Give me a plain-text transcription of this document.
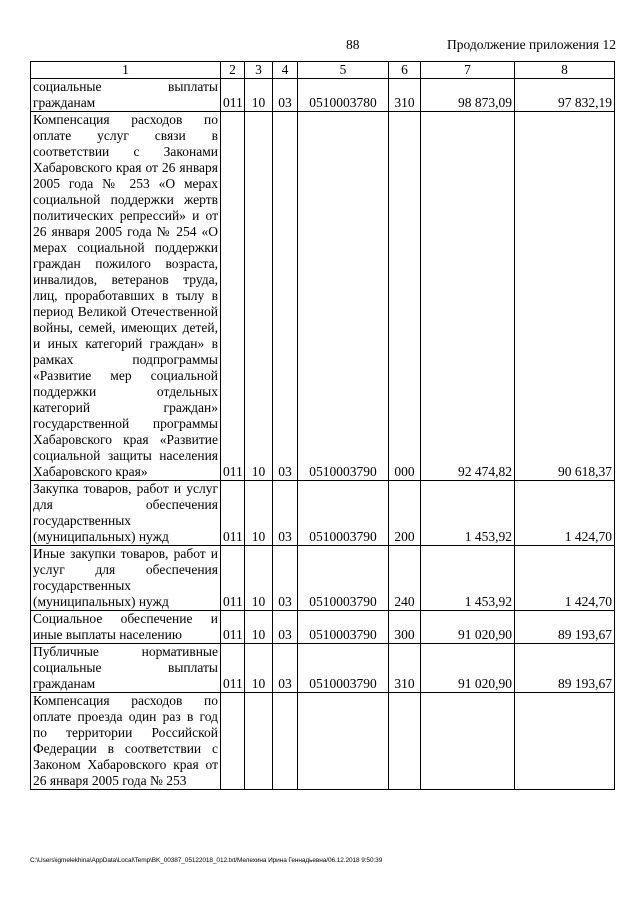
88	Продолжение приложения 12
1	2	3	4	5	6	7	8
социальные выплаты гражданам	011	10	03	0510003780	310	98 873,09	97 832,19
Компенсация расходов по оплате услуг связи в соответствии с Законами Хабаровского края от 26 января 2005 года № 253 «О мерах социальной поддержки жертв политических репрессий» и от 26 января 2005 года № 254 «О мерах социальной поддержки граждан пожилого возраста, инвалидов, ветеранов труда, лиц, проработавших в тылу в период Великой Отечественной войны, семей, имеющих детей, и иных категорий граждан» в рамках подпрограммы «Развитие мер социальной поддержки отдельных категорий граждан» государственной программы Хабаровского края «Развитие социальной защиты населения Хабаровского края»	011	10	03	0510003790	000	92 474,82	90 618,37
Закупка товаров, работ и услуг для обеспечения государственных (муниципальных) нужд	011	10	03	0510003790	200	1 453,92	1 424,70
Иные закупки товаров, работ и услуг для обеспечения государственных (муниципальных) нужд	011	10	03	0510003790	240	1 453,92	1 424,70
Социальное обеспечение и иные выплаты населению	011	10	03	0510003790	300	91 020,90	89 193,67
Публичные нормативные социальные выплаты гражданам	011	10	03	0510003790	310	91 020,90	89 193,67
Компенсация расходов по оплате проезда один раз в год по территории Российской Федерации в соответствии с Законом Хабаровского края от 26 января 2005 года № 253							
C:\Users\igmelekhina\AppData\Local\Temp\BK_00387_05122018_012.txt/Мелехина Ирина Геннадьевна/06.12.2018 9:50:39
